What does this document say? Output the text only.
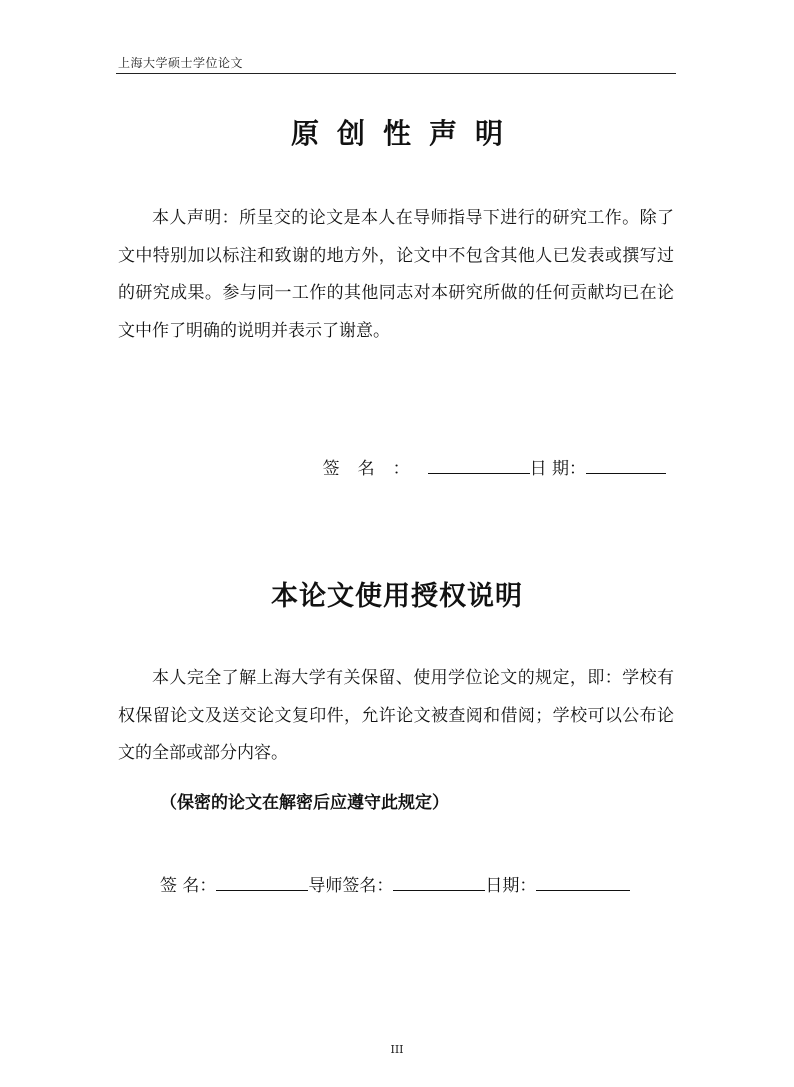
上海大学硕士学位论文
原创性声明

本人声明：所呈交的论文是本人在导师指导下进行的研究工作。除了文中特别加以标注和致谢的地方外，论文中不包含其他人已发表或撰写过的研究成果。参与同一工作的其他同志对本研究所做的任何贡献均已在论文中作了明确的说明并表示了谢意。

签名：	日 期：
本论文使用授权说明

本人完全了解上海大学有关保留、使用学位论文的规定，即：学校有权保留论文及送交论文复印件，允许论文被查阅和借阅；学校可以公布论文的全部或部分内容。

（保密的论文在解密后应遵守此规定）
签 名：	导师签名：	日期：
III
